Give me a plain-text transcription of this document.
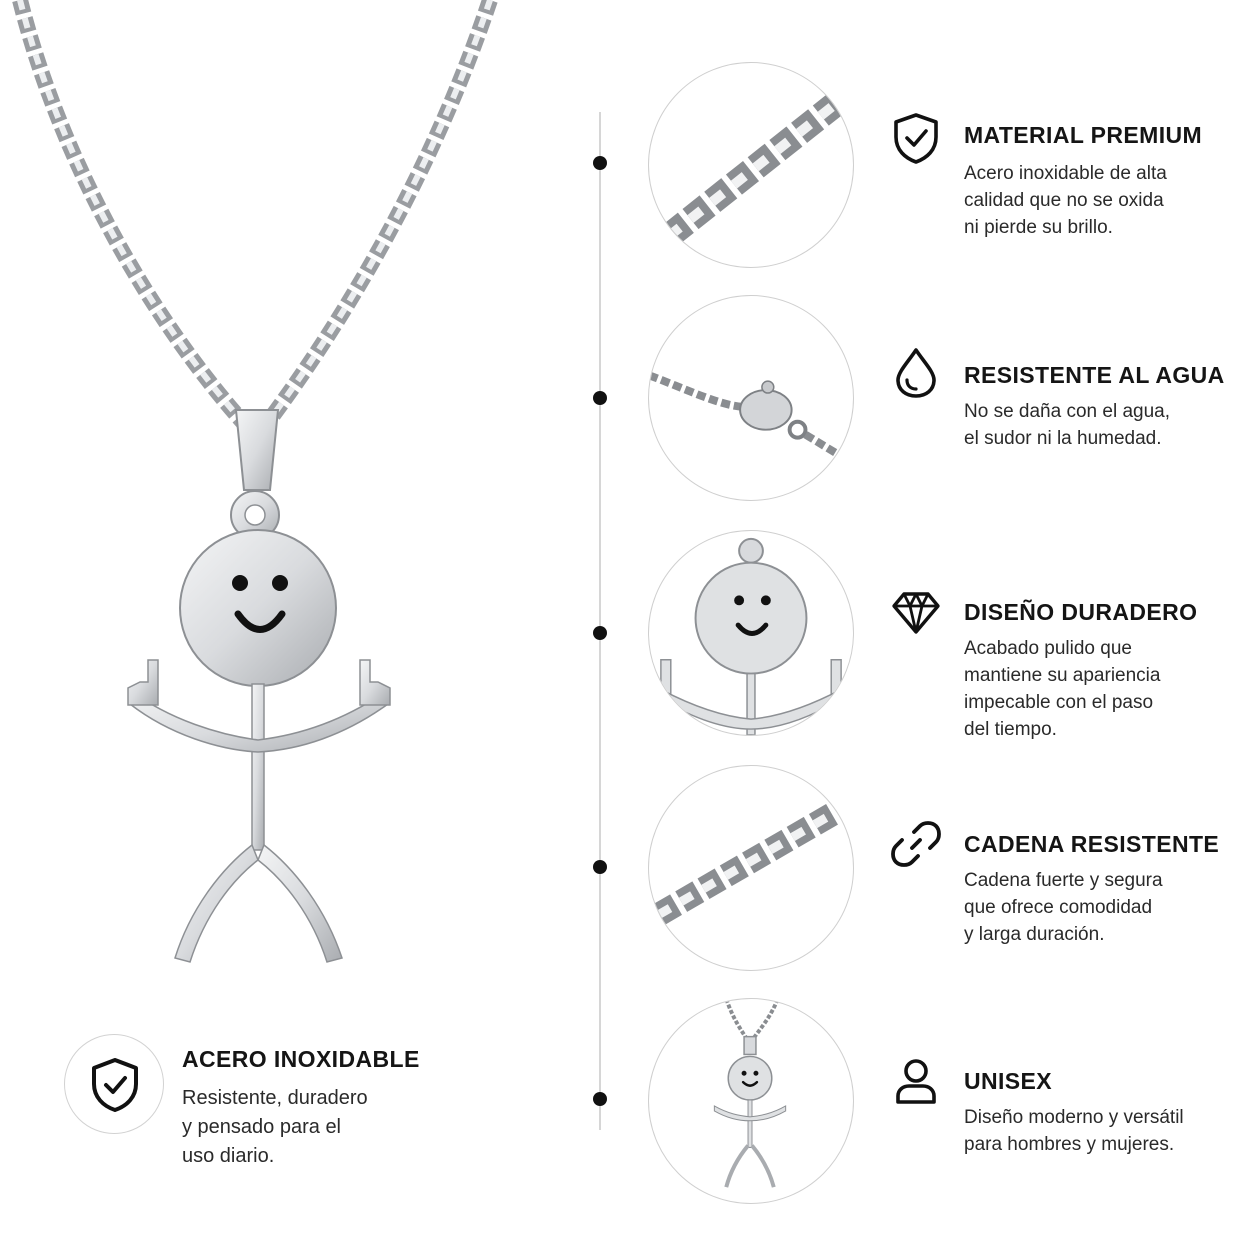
ACERO INOXIDABLE
Resistente, duradero
y pensado para el
uso diario.
MATERIAL PREMIUM
Acero inoxidable de alta
calidad que no se oxida
ni pierde su brillo.
RESISTENTE AL AGUA
No se daña con el agua,
el sudor ni la humedad.
DISEÑO DURADERO
Acabado pulido que
mantiene su apariencia
impecable con el paso
del tiempo.
CADENA RESISTENTE
Cadena fuerte y segura
que ofrece comodidad
y larga duración.
UNISEX
Diseño moderno y versátil
para hombres y mujeres.
